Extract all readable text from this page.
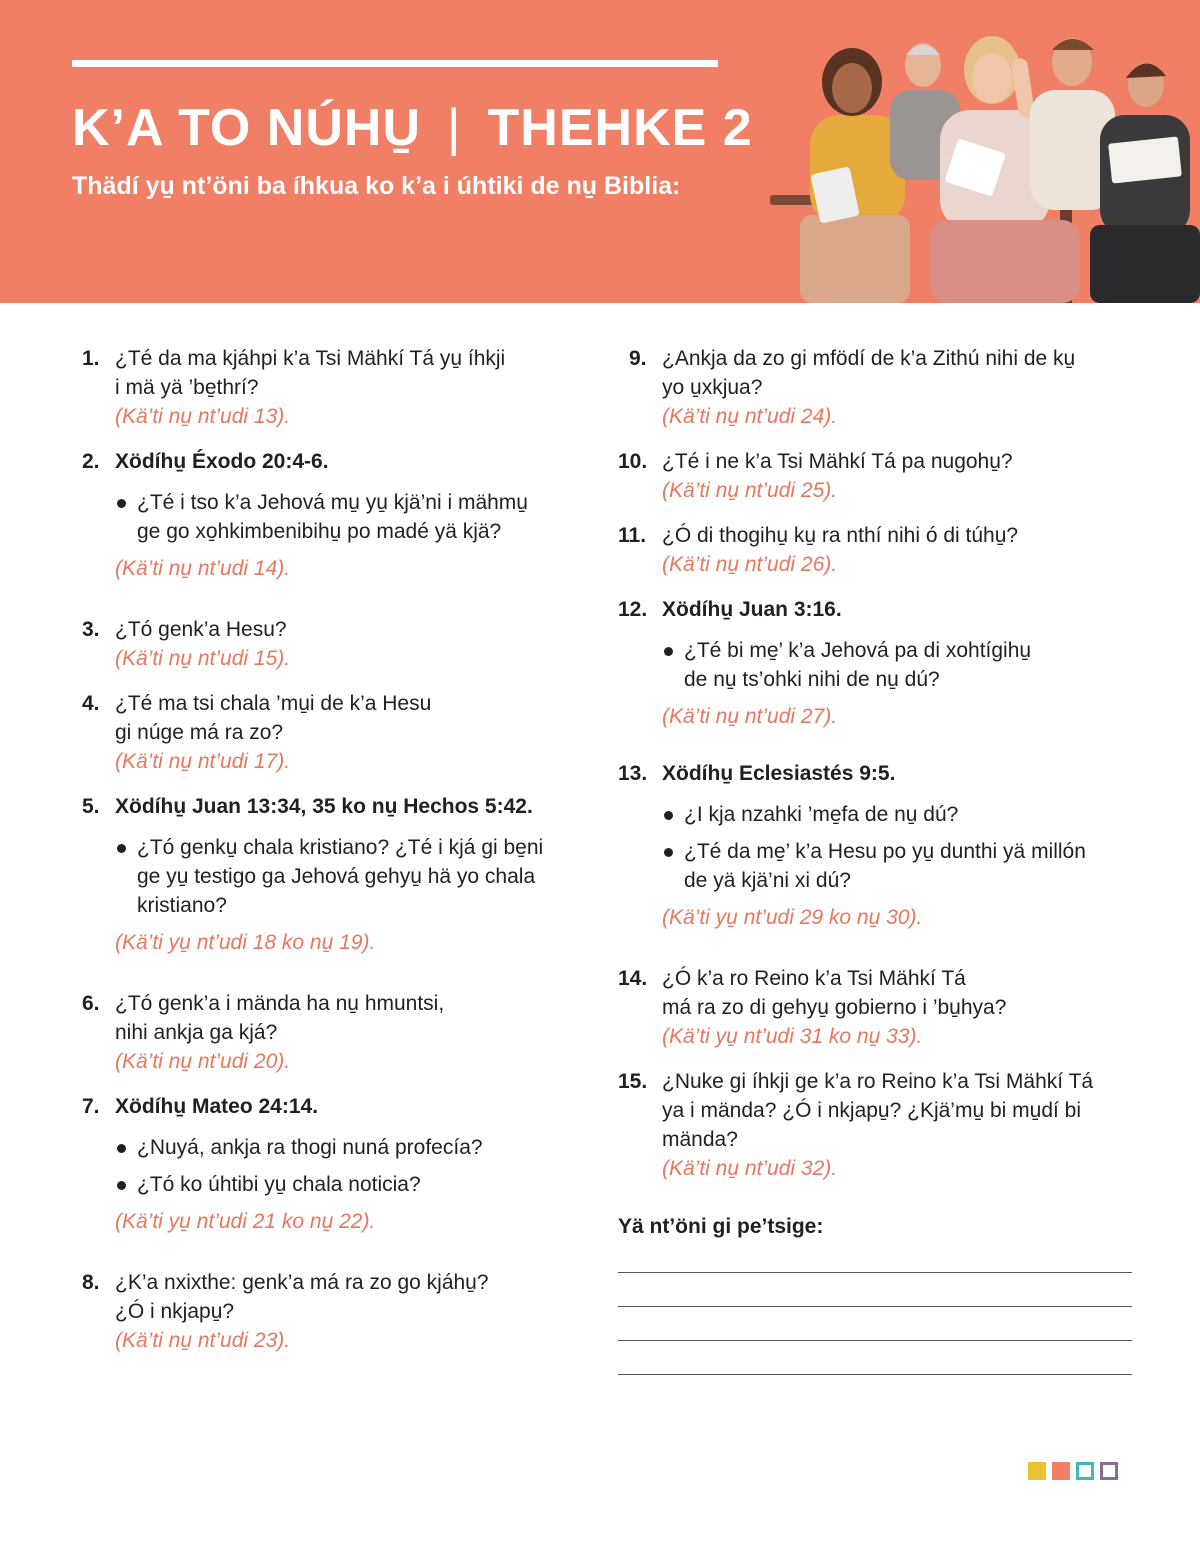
K’A TO NÚHU̱ | THEHKE 2
Thädí yu̱ nt’öni ba íhkua ko k’a i úhtiki de nu̱ Biblia:
1. ¿Té da ma kjáhpi k’a Tsi Mähkí Tá yu̱ íhkji
i mä yä ’be̱thrí?
(Kä’ti nu̱ nt’udi 13).
2. Xödíhu̱ Éxodo 20:4-6.
¿Té i tso k’a Jehová mu̱ yu̱ kjä’ni i mähmu̱
ge go xo̱hkimbenibihu̱ po madé yä kjä?
(Kä’ti nu̱ nt’udi 14).
3. ¿Tó genk’a Hesu?
(Kä’ti nu̱ nt’udi 15).
4. ¿Té ma tsi chala ’mu̱i de k’a Hesu
gi núge má ra zo?
(Kä’ti nu̱ nt’udi 17).
5. Xödíhu̱ Juan 13:34, 35 ko nu̱ Hechos 5:42.
¿Tó genku̱ chala kristiano? ¿Té i kjá gi be̱ni
ge yu̱ testigo ga Jehová gehyu̱ hä yo chala
kristiano?
(Kä’ti yu̱ nt’udi 18 ko nu̱ 19).
6. ¿Tó genk’a i mända ha nu̱ hmuntsi,
nihi ankja ga kjá?
(Kä’ti nu̱ nt’udi 20).
7. Xödíhu̱ Mateo 24:14.
¿Nuyá, ankja ra thogi nuná profecía?
¿Tó ko úhtibi yu̱ chala noticia?
(Kä’ti yu̱ nt’udi 21 ko nu̱ 22).
8. ¿K’a nxixthe: genk’a má ra zo go kjáhu̱?
¿Ó i nkjapu̱?
(Kä’ti nu̱ nt’udi 23).
9. ¿Ankja da zo gi mfödí de k’a Zithú nihi de ku̱
yo u̱xkjua?
(Kä’ti nu̱ nt’udi 24).
10. ¿Té i ne k’a Tsi Mähkí Tá pa nugohu̱?
(Kä’ti nu̱ nt’udi 25).
11. ¿Ó di thogihu̱ ku̱ ra nthí nihi ó di túhu̱?
(Kä’ti nu̱ nt’udi 26).
12. Xödíhu̱ Juan 3:16.
¿Té bi me̱’ k’a Jehová pa di xohtígihu̱
de nu̱ ts’ohki nihi de nu̱ dú?
(Kä’ti nu̱ nt’udi 27).
13. Xödíhu̱ Eclesiastés 9:5.
¿I kja nzahki ’me̱fa de nu̱ dú?
¿Té da me̱’ k’a Hesu po yu̱ dunthi yä millón
de yä kjä’ni xi dú?
(Kä’ti yu̱ nt’udi 29 ko nu̱ 30).
14. ¿Ó k’a ro Reino k’a Tsi Mähkí Tá
má ra zo di gehyu̱ gobierno i ’bu̱hya?
(Kä’ti yu̱ nt’udi 31 ko nu̱ 33).
15. ¿Nuke gi íhkji ge k’a ro Reino k’a Tsi Mähkí Tá
ya i mända? ¿Ó i nkjapu̱? ¿Kjä’mu̱ bi mu̱dí bi
mända?
(Kä’ti nu̱ nt’udi 32).
Yä nt’öni gi pe’tsige:
